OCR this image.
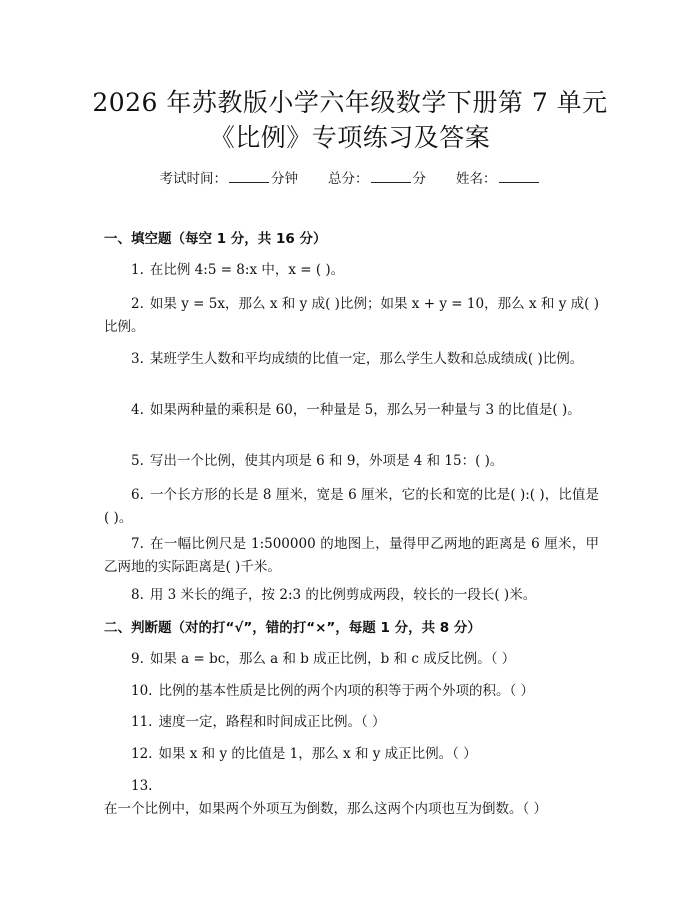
2026 年苏教版小学六年级数学下册第 7 单元
《比例》专项练习及答案
考试时间：	分钟 总分：	分 姓名：
一、填空题（每空 1 分，共 16 分）
1. 在比例 4:5 = 8:x 中，x = ( )。
2. 如果 y = 5x，那么 x 和 y 成( )比例；如果 x + y = 10，那么 x 和 y 成( )比例。
3. 某班学生人数和平均成绩的比值一定，那么学生人数和总成绩成( )比例。
4. 如果两种量的乘积是 60，一种量是 5，那么另一种量与 3 的比值是( )。
5. 写出一个比例，使其内项是 6 和 9，外项是 4 和 15：( )。
6. 一个长方形的长是 8 厘米，宽是 6 厘米，它的长和宽的比是( ):( )，比值是( )。
7. 在一幅比例尺是 1:500000 的地图上，量得甲乙两地的距离是 6 厘米，甲乙两地的实际距离是( )千米。
8. 用 3 米长的绳子，按 2:3 的比例剪成两段，较长的一段长( )米。
二、判断题（对的打“√”，错的打“×”，每题 1 分，共 8 分）
9. 如果 a = bc，那么 a 和 b 成正比例，b 和 c 成反比例。（ ）
10. 比例的基本性质是比例的两个内项的积等于两个外项的积。（ ）
11. 速度一定，路程和时间成正比例。（ ）
12. 如果 x 和 y 的比值是 1，那么 x 和 y 成正比例。（ ）
13.在一个比例中，如果两个外项互为倒数，那么这两个内项也互为倒数。（ ）
